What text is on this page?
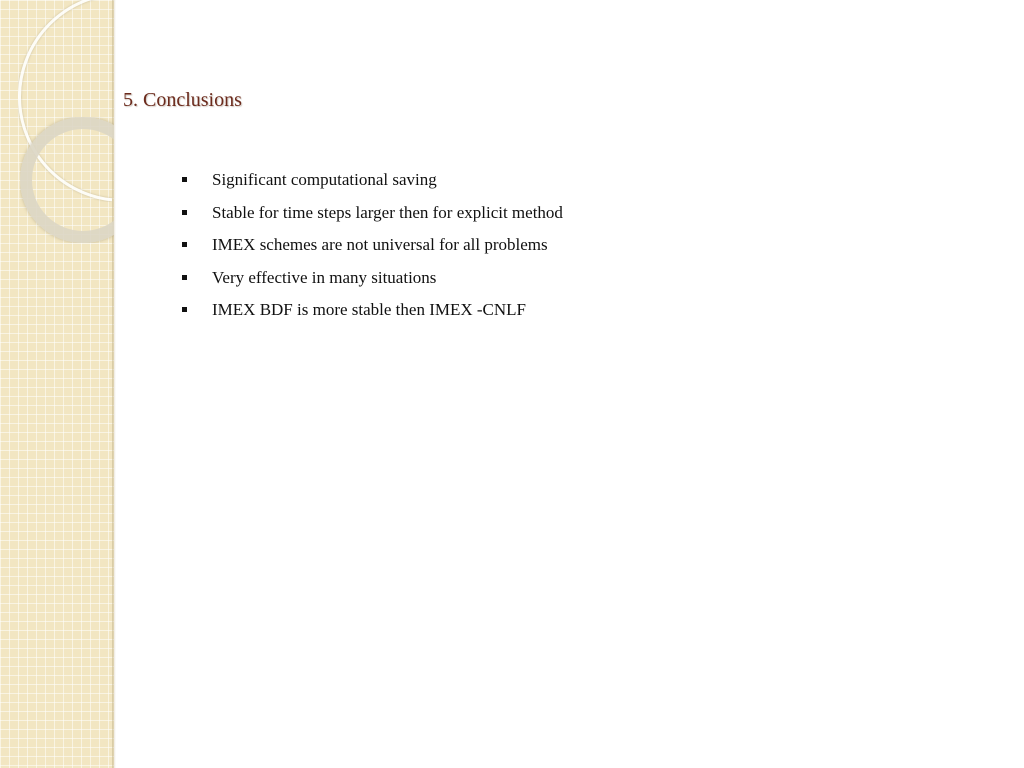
5. Conclusions
Significant computational saving
Stable for time steps larger then for explicit method
IMEX schemes are not universal for all problems
Very effective in many situations
IMEX BDF is more stable then IMEX -CNLF
